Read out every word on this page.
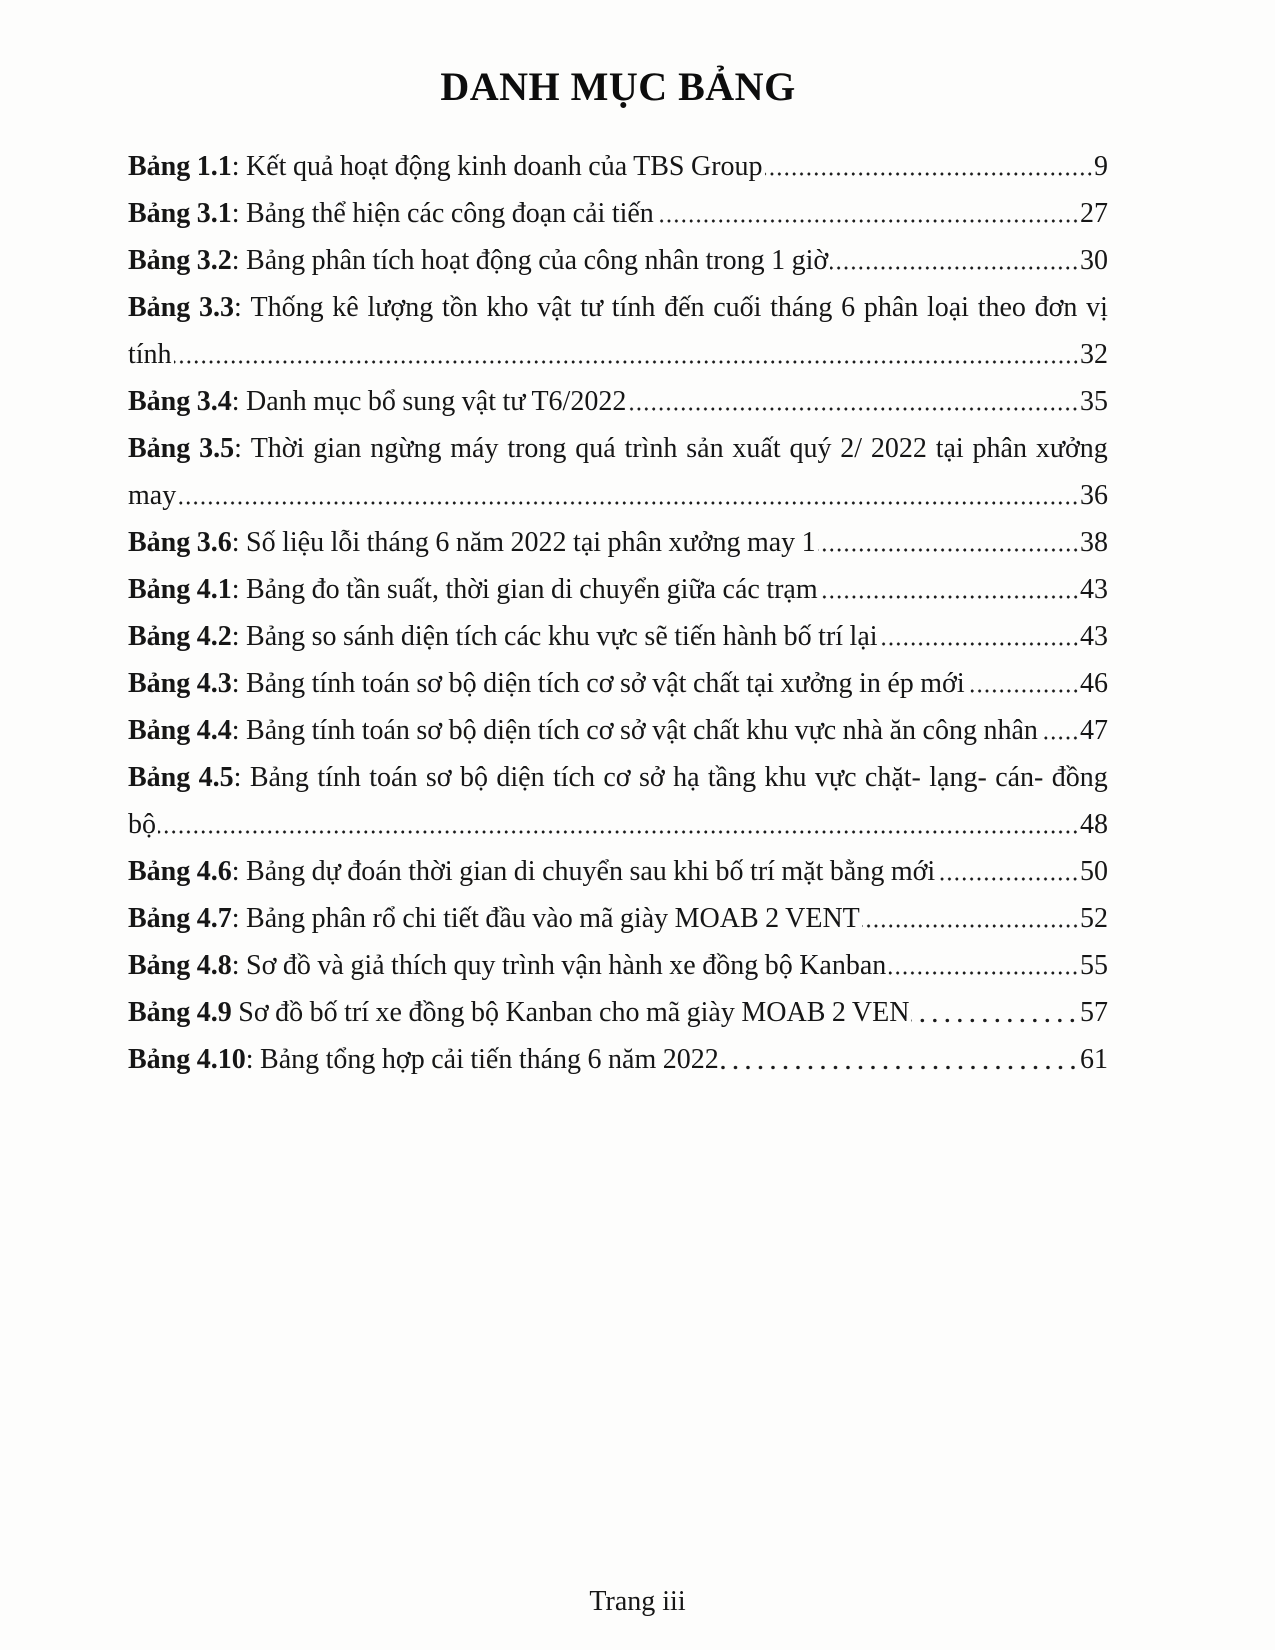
DANH MỤC BẢNG
Bảng 1.1: Kết quả hoạt động kinh doanh của TBS Group	9
Bảng 3.1: Bảng thể hiện các công đoạn cải tiến	27
Bảng 3.2: Bảng phân tích hoạt động của công nhân trong 1 giờ	30
Bảng 3.3: Thống kê lượng tồn kho vật tư tính đến cuối tháng 6 phân loại theo đơn vị
tính	32
Bảng 3.4: Danh mục bổ sung vật tư T6/2022	35
Bảng 3.5: Thời gian ngừng máy trong quá trình sản xuất quý 2/ 2022 tại phân xưởng
may	36
Bảng 3.6: Số liệu lỗi tháng 6 năm 2022 tại phân xưởng may 1	38
Bảng 4.1: Bảng đo tần suất, thời gian di chuyển giữa các trạm	43
Bảng 4.2: Bảng so sánh diện tích các khu vực sẽ tiến hành bố trí lại	43
Bảng 4.3: Bảng tính toán sơ bộ diện tích cơ sở vật chất tại xưởng in ép mới	46
Bảng 4.4: Bảng tính toán sơ bộ diện tích cơ sở vật chất khu vực nhà ăn công nhân 47
Bảng 4.5: Bảng tính toán sơ bộ diện tích cơ sở hạ tầng khu vực chặt- lạng- cán- đồng
bộ	48
Bảng 4.6: Bảng dự đoán thời gian di chuyển sau khi bố trí mặt bằng mới	50
Bảng 4.7: Bảng phân rổ chi tiết đầu vào mã giày MOAB 2 VENT	52
Bảng 4.8: Sơ đồ và giả thích quy trình vận hành xe đồng bộ Kanban	55
Bảng 4.9 Sơ đồ bố trí xe đồng bộ Kanban cho mã giày MOAB 2 VEN	57
Bảng 4.10: Bảng tổng hợp cải tiến tháng 6 năm 2022	61
Trang iii
